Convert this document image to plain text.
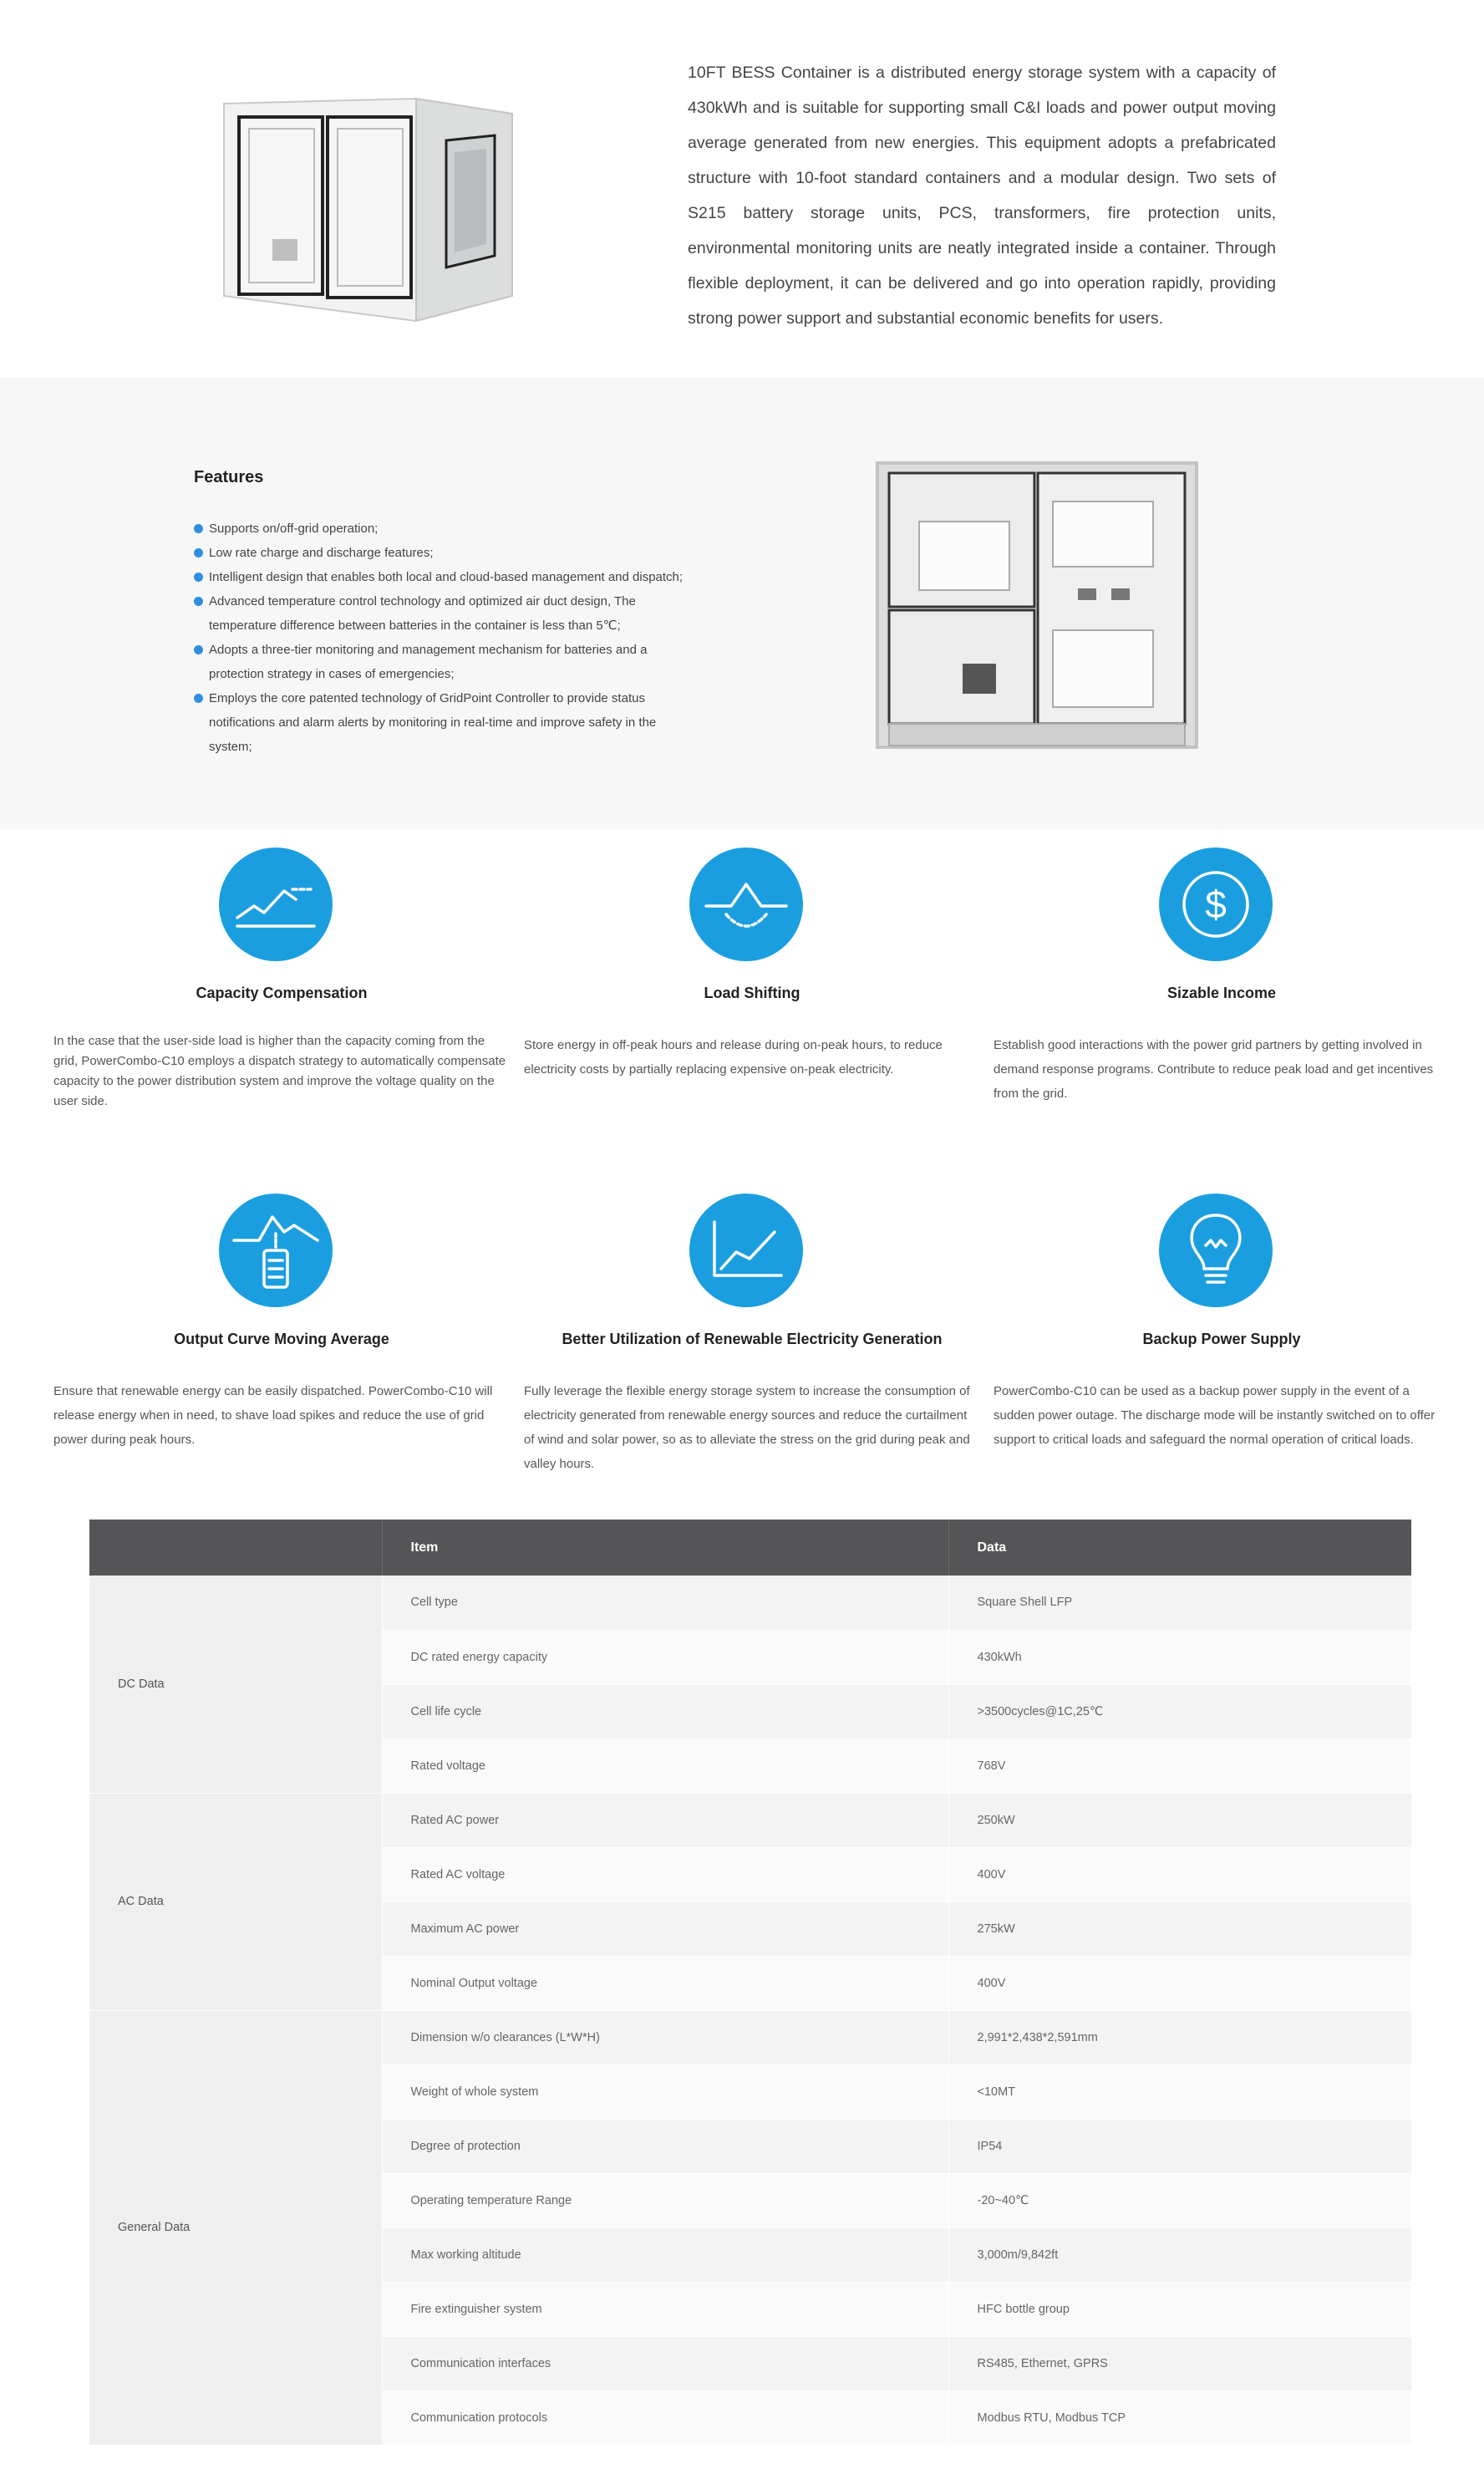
10FT BESS Container is a distributed energy storage system with a capacity of 430kWh and is suitable for supporting small C&I loads and power output moving average generated from new energies. This equipment adopts a prefabricated structure with 10-foot standard containers and a modular design. Two sets of S215 battery storage units, PCS, transformers, fire protection units, environmental monitoring units are neatly integrated inside a container. Through flexible deployment, it can be delivered and go into operation rapidly, providing strong power support and substantial economic benefits for users.

Features
Supports on/off-grid operation;
Low rate charge and discharge features;
Intelligent design that enables both local and cloud-based management and dispatch;
Advanced temperature control technology and optimized air duct design, The temperature difference between batteries in the container is less than 5℃;
Adopts a three-tier monitoring and management mechanism for batteries and a protection strategy in cases of emergencies;
Employs the core patented technology of GridPoint Controller to provide status notifications and alarm alerts by monitoring in real-time and improve safety in the system;
Capacity Compensation
In the case that the user-side load is higher than the capacity coming from the grid, PowerCombo-C10 employs a dispatch strategy to automatically compensate capacity to the power distribution system and improve the voltage quality on the user side.
Load Shifting
Store energy in off-peak hours and release during on-peak hours, to reduce electricity costs by partially replacing expensive on-peak electricity.
$
Sizable Income
Establish good interactions with the power grid partners by getting involved in demand response programs. Contribute to reduce peak load and get incentives from the grid.
Output Curve Moving Average
Ensure that renewable energy can be easily dispatched. PowerCombo-C10 will release energy when in need, to shave load spikes and reduce the use of grid power during peak hours.
Better Utilization of Renewable Electricity Generation
Fully leverage the flexible energy storage system to increase the consumption of electricity generated from renewable energy sources and reduce the curtailment of wind and solar power, so as to alleviate the stress on the grid during peak and valley hours.
Backup Power Supply
PowerCombo-C10 can be used as a backup power supply in the event of a sudden power outage. The discharge mode will be instantly switched on to offer support to critical loads and safeguard the normal operation of critical loads.
	Item	Data
DC Data	Cell type	Square Shell LFP
	DC rated energy capacity	430kWh
	Cell life cycle	>3500cycles@1C,25℃
	Rated voltage	768V
AC Data	Rated AC power	250kW
	Rated AC voltage	400V
	Maximum AC power	275kW
	Nominal Output voltage	400V
General Data	Dimension w/o clearances (L*W*H)	2,991*2,438*2,591mm
	Weight of whole system	<10MT
	Degree of protection	IP54
	Operating temperature Range	-20~40℃
	Max working altitude	3,000m/9,842ft
	Fire extinguisher system	HFC bottle group
	Communication interfaces	RS485, Ethernet, GPRS
	Communication protocols	Modbus RTU, Modbus TCP
